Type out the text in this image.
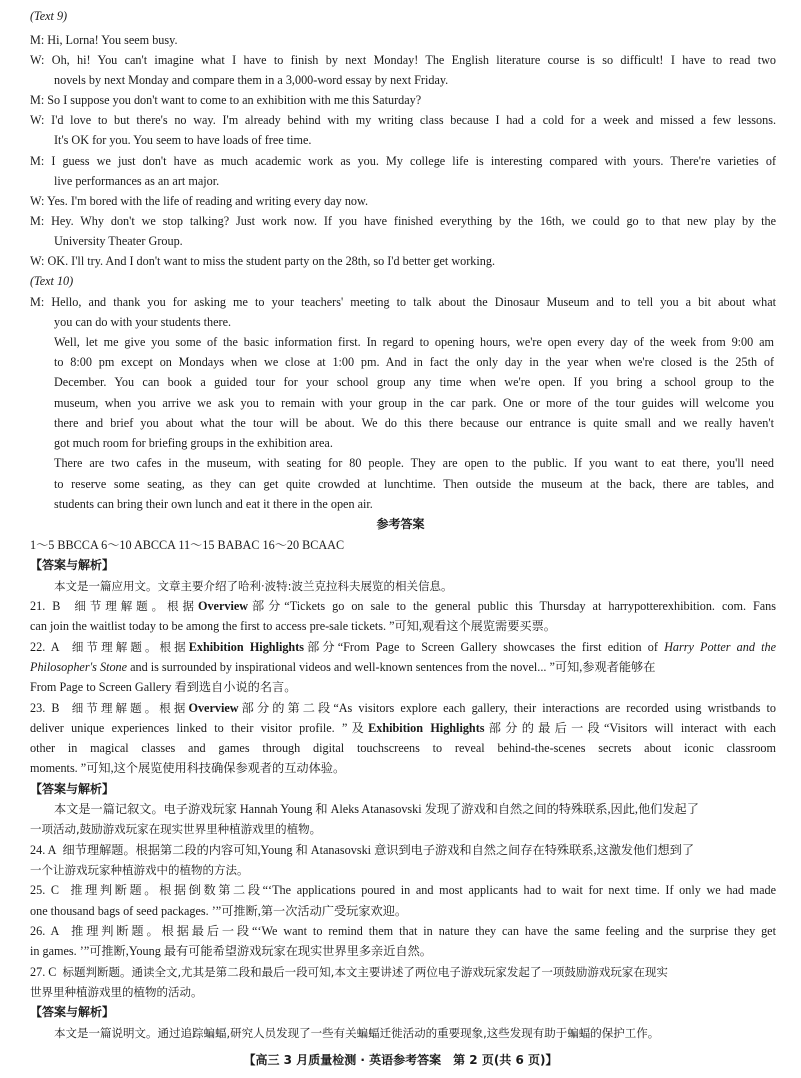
(Text 9)
M: Hi, Lorna! You seem busy.
W: Oh, hi! You can't imagine what I have to finish by next Monday! The English literature course is so difficult! I have to read two
novels by next Monday and compare them in a 3,000-word essay by next Friday.
M: So I suppose you don't want to come to an exhibition with me this Saturday?
W: I'd love to but there's no way. I'm already behind with my writing class because I had a cold for a week and missed a few lessons.
It's OK for you. You seem to have loads of free time.
M: I guess we just don't have as much academic work as you. My college life is interesting compared with yours. There're varieties of
live performances as an art major.
W: Yes. I'm bored with the life of reading and writing every day now.
M: Hey. Why don't we stop talking? Just work now. If you have finished everything by the 16th, we could go to that new play by the
University Theater Group.
W: OK. I'll try. And I don't want to miss the student party on the 28th, so I'd better get working.
(Text 10)
M: Hello, and thank you for asking me to your teachers' meeting to talk about the Dinosaur Museum and to tell you a bit about what
you can do with your students there.
Well, let me give you some of the basic information first. In regard to opening hours, we're open every day of the week from 9:00 am
to 8:00 pm except on Mondays when we close at 1:00 pm. And in fact the only day in the year when we're closed is the 25th of
December. You can book a guided tour for your school group any time when we're open. If you bring a school group to the
museum, when you arrive we ask you to remain with your group in the car park. One or more of the tour guides will welcome you
there and brief you about what the tour will be about. We do this there because our entrance is quite small and we really haven't
got much room for briefing groups in the exhibition area.
There are two cafes in the museum, with seating for 80 people. They are open to the public. If you want to eat there, you'll need
to reserve some seating, as they can get quite crowded at lunchtime. Then outside the museum at the back, there are tables, and
students can bring their own lunch and eat it there in the open air.
参考答案
1～5 BBCCA 6～10 ABCCA 11～15 BABAC 16～20 BCAAC
【答案与解析】
本文是一篇应用文。文章主要介绍了哈利·波特:波兰克拉科夫展览的相关信息。
21. B 细节理解题。根据Overview部分“Tickets go on sale to the general public this Thursday at harrypotterexhibition. com. Fans
can join the waitlist today to be among the first to access pre-sale tickets. ”可知,观看这个展览需要买票。
22. A 细节理解题。根据Exhibition Highlights部分“From Page to Screen Gallery showcases the first edition of Harry Potter and the
Philosopher's Stone and is surrounded by inspirational videos and well-known sentences from the novel... ”可知,参观者能够在
From Page to Screen Gallery 看到选自小说的名言。
23. B 细节理解题。根据Overview部分的第二段“As visitors explore each gallery, their interactions are recorded using wristbands to
deliver unique experiences linked to their visitor profile. ”及Exhibition Highlights部分的最后一段“Visitors will interact with each
other in magical classes and games through digital touchscreens to reveal behind-the-scenes secrets about iconic classroom
moments. ”可知,这个展览使用科技确保参观者的互动体验。
【答案与解析】
本文是一篇记叙文。电子游戏玩家 Hannah Young 和 Aleks Atanasovski 发现了游戏和自然之间的特殊联系,因此,他们发起了
一项活动,鼓励游戏玩家在现实世界里种植游戏里的植物。
24. A 细节理解题。根据第二段的内容可知,Young 和 Atanasovski 意识到电子游戏和自然之间存在特殊联系,这激发他们想到了
一个让游戏玩家种植游戏中的植物的方法。
25. C 推理判断题。根据倒数第二段“‘The applications poured in and most applicants had to wait for next time. If only we had made
one thousand bags of seed packages. ’”可推断,第一次活动广受玩家欢迎。
26. A 推理判断题。根据最后一段“‘We want to remind them that in nature they can have the same feeling and the surprise they get
in games. ’”可推断,Young 最有可能希望游戏玩家在现实世界里多亲近自然。
27. C 标题判断题。通读全文,尤其是第二段和最后一段可知,本文主要讲述了两位电子游戏玩家发起了一项鼓励游戏玩家在现实
世界里种植游戏里的植物的活动。
【答案与解析】
本文是一篇说明文。通过追踪蝙蝠,研究人员发现了一些有关蝙蝠迁徙活动的重要现象,这些发现有助于蝙蝠的保护工作。
【高三 3 月质量检测 · 英语参考答案　第 2 页(共 6 页)】
